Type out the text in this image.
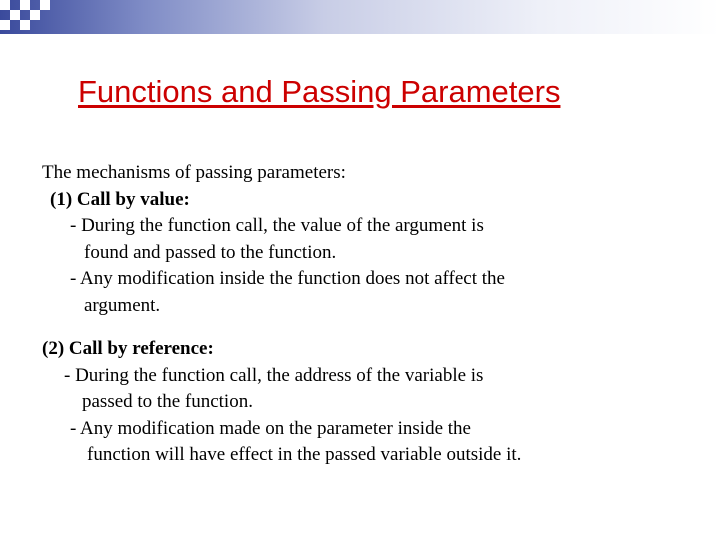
Functions and Passing Parameters
The mechanisms of passing parameters:
(1) Call by value:
- During the function call, the value of the argument is
found and passed to the function.
- Any modification inside the function does not affect the
argument.
(2) Call by reference:
- During the function call, the address of the variable is
passed to the function.
- Any modification made on the parameter inside the
function will have effect in the passed variable outside it.
